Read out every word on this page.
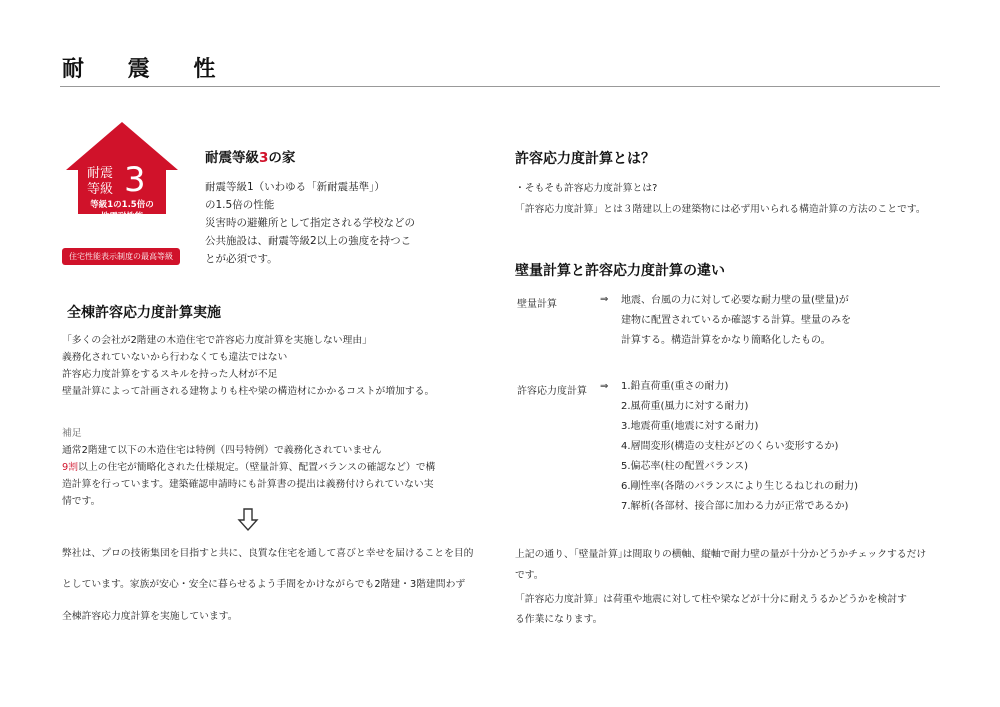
耐 震 性
耐震
等級 3
等級1の1.5倍の
地震耐性能
住宅性能表示制度の最高等級
耐震等級3の家
耐震等級1（いわゆる「新耐震基準」）
の1.5倍の性能
災害時の避難所として指定される学校などの
公共施設は、耐震等級2以上の強度を持つこ
とが必須です。
全棟許容応力度計算実施
「多くの会社が2階建の木造住宅で許容応力度計算を実施しない理由」
義務化されていないから行わなくても違法ではない
許容応力度計算をするスキルを持った人材が不足
壁量計算によって計画される建物よりも柱や梁の構造材にかかるコストが増加する。
補足
通常2階建て以下の木造住宅は特例（四号特例）で義務化されていません
9割以上の住宅が簡略化された仕様規定。（壁量計算、配置バランスの確認など）で構
造計算を行っています。建築確認申請時にも計算書の提出は義務付けられていない実
情です。
弊社は、プロの技術集団を目指すと共に、良質な住宅を通して喜びと幸せを届けることを目的
としています。家族が安心・安全に暮らせるよう手間をかけながらでも2階建・3階建問わず
全棟許容応力度計算を実施しています。
許容応力度計算とは？
・そもそも許容応力度計算とは?
「許容応力度計算」とは３階建以上の建築物には必ず用いられる構造計算の方法のことです。
壁量計算と許容応力度計算の違い
壁量計算	⇒ 地震、台風の力に対して必要な耐力壁の量(壁量)が
建物に配置されているか確認する計算。壁量のみを
計算する。構造計算をかなり簡略化したもの。
許容応力度計算 ⇒ 1.鉛直荷重(重さの耐力)
2.風荷重(風力に対する耐力)
3.地震荷重(地震に対する耐力)
4.層間変形(構造の支柱がどのくらい変形するか)
5.偏芯率(柱の配置バランス)
6.剛性率(各階のバランスにより生じるねじれの耐力)
7.解析(各部材、接合部に加わる力が正常であるか)
上記の通り、｢壁量計算｣は間取りの横軸、縦軸で耐力壁の量が十分かどうかチェックするだけ
です。
「許容応力度計算」は荷重や地震に対して柱や梁などが十分に耐えうるかどうかを検討す
る作業になります。
